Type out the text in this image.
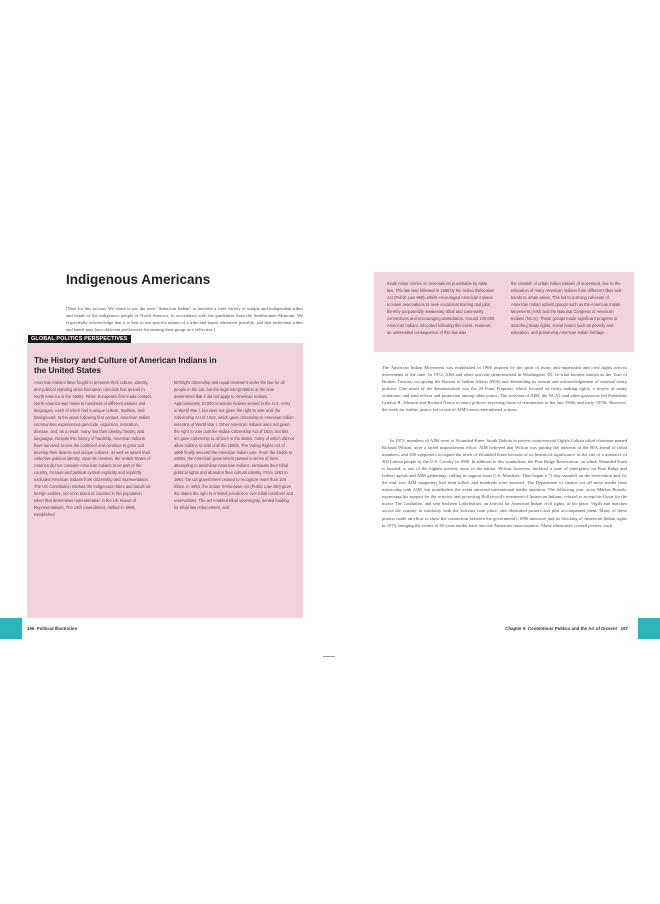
Indigenous Americans
[Note for this section: We chose to use the term "American Indian" to describe a wide variety of unique and independent tribes and bands of the indigenous people of North America, in accordance with the guidelines from the Smithsonian Museum. We respectfully acknowledge that it is best to use specific names of a tribe and bands whenever possible, and that individual tribes and bands may have different preferences for naming their group as a collective.]
GLOBAL POLITICS PERSPECTIVES
The History and Culture of American Indians in the United States
American Indians have fought to preserve their culture, identity, and political standing since European colonists first arrived in North America in the 1600s. When Europeans first made contact, North America was home to hundreds of different nations and languages, each of which had a unique culture, tradition, and background. In the years following first contact, American Indian communities experienced genocide, expulsion, relocation, disease, and, as a result, many lost their identity, history, and languages. Despite this history of hardship, American Indians have survived across the continent and continue to grow and develop their diverse and unique cultures, as well as assert their collective political identity. Upon its creation, the United States of America did not consider American Indians to be part of the country, for laws and political system explicitly and implicitly excluded American Indians from citizenship and representation. The US Constitution marked the Indigenous tribes and bands as foreign entities, not to be taxed or counted in the population when that determines representation in the US House of Representatives. The 14th Amendment, ratified in 1868, established
birthright citizenship and equal treatment under the law for all people in the US, but the legal interpretation at the time determined that it did not apply to American Indians. Approximately 10,000 American Indians served in the U.S. Army in World War I, but were not given the right to vote until the Citizenship Act of 1919, which gave citizenship to American Indian veterans of World War I. Other American Indians were not given the right to vote until the Indian Citizenship Act of 1924, but this act gave citizenship to all born in the states, many of which did not allow Indians to vote until the 1950s. The Voting Rights Act of 1965 finally secured the American Indian vote. From the 1940s to 1960s, the American government passed a series of laws attempting to assimilate American Indians, terminate their tribal political rights and abandon their cultural identity. From 1953 to 1964, the US government ceased to recognize more than 100 tribes. In 1953, the Indian Termination Act (Public Law 280) gave the states the right to criminal jurisdiction over tribal members and reservations. The act enabled tribal sovereignty, denied funding for tribal law enforcement, and
196 Political Illustration
made minor crimes on reservations punishable by state law. This law was followed in 1956 by the Indian Relocation Act (Public Law 959), which encouraged American Indians to leave reservations to seek vocational training and jobs, thereby purposefully weakening tribal and community connections and encouraging assimilation. Around 100,000 American Indians relocated following this event. However, an unintended consequence of this law was
the creation of urban Indian nations of movement, due to the relocation of many American Indians from different tribes and bands to urban areas. This led to a strong cohesion of American Indian activist groups such as the American Indian Movement (AIM) and the National Congress of American Indians (NCAI). These groups made significant progress in asserting treaty rights, social issues such as poverty and education, and preserving American Indian heritage.
The American Indian Movement was established in 1968 inspired by the spirit of many anti-imperialist and civil rights activist movements of the time. In 1972, AIM and other activists demonstrated in Washington, DC in what became known as the Trail of Broken Treaties, occupying the Bureau of Indian Affairs (BIA) and demanding its reform and acknowledgement of national treaty policies. One result of the demonstration was the 20 Point Proposal, which focused on treaty making rights, a review of treaty violations, and land reform and protection among other points. The activism of AIM, the NCAI, and other grassroots led Presidents Lyndon B. Johnson and Richard Nixon to enact policies reversing those of termination in the late 1960s and early 1970s. However, the work for further justice led to one of AIM's most remembered actions.
In 1973, members of AIM went to Wounded Knee, South Dakota to protest controversial Oglala Lakota tribal chairman named Richard Wilson, after a failed impeachment effort. AIM believed that Wilson was putting the interests of the BIA ahead of tribal members, and 200 supporters occupied the town of Wounded Knee because of its historical significance as the site of a massacre of 300 Lakota people by the U.S. Cavalry in 1890. In addition to this symbolism, the Pine Ridge Reservation, on which Wounded Knee is located, is one of the highest poverty areas in the nation. Wilson, however, declared a state of emergency on Pine Ridge and federal agents and AIM gatherings, calling in support from U.S. Marshals. Thus began a 71-day standoff on the reservation and, by the end, two AIM supporters had been killed, and hundreds were arrested. The Department of Justice cut off news media from interacting with AIM, but nonetheless the event attracted international media attention. The following year, actor Marlon Brando, expressing his support for the activists and protesting Hollywood's treatment of American Indians, refused to accept his Oscar for the movie The Godfather, and sent Sacheen Littlefeather, an activist for American Indian civil rights, in his place. Vigils and marches across the country in solidarity with the activists took place, and illustrated posters and pins accompanied them. Many of these posters made an effort to show the connection between the government's 1890 massacre and its blocking of American Indian rights in 1973, bringing the events of 83 years earlier back into the American consciousness. Many illustrators created posters, such
Chapter 6 Contentious Politics and the Art of Dissent 197
